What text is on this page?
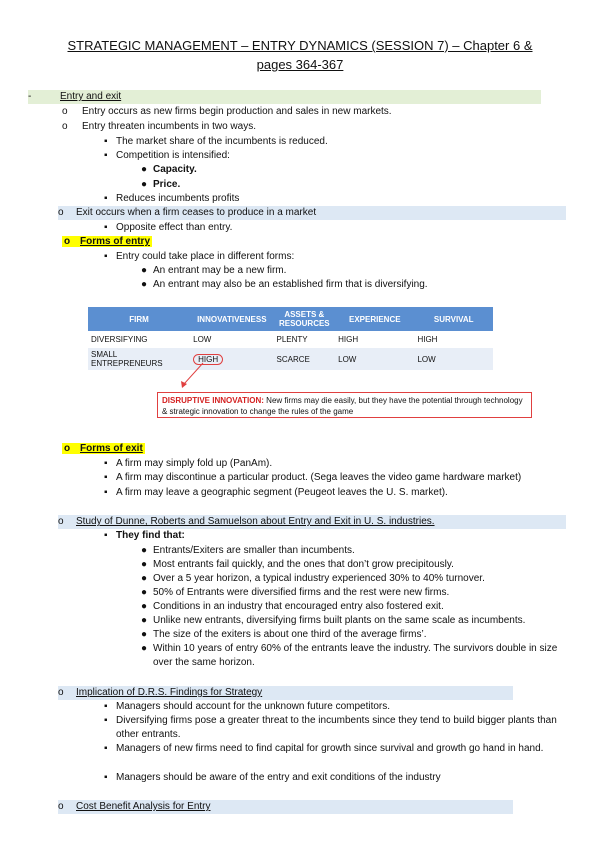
STRATEGIC MANAGEMENT – ENTRY DYNAMICS (SESSION 7) – Chapter 6 &
pages 364-367
-	Entry and exit
o Entry occurs as new firms begin production and sales in new markets.
o Entry threaten incumbents in two ways.
▪ The market share of the incumbents is reduced.
▪ Competition is intensified:
● Capacity.
● Price.
▪ Reduces incumbents profits
o Exit occurs when a firm ceases to produce in a market
▪ Opposite effect than entry.
o Forms of entry
▪ Entry could take place in different forms:
● An entrant may be a new firm.
● An entrant may also be an established firm that is diversifying.
FIRM	INNOVATIVENESS	ASSETS & RESOURCES	EXPERIENCE	SURVIVAL
DIVERSIFYING	LOW	PLENTY	HIGH	HIGH
SMALL ENTREPRENEURS	HIGH	SCARCE	LOW	LOW
DISRUPTIVE INNOVATION: New firms may die easily, but they have the potential through technology & strategic innovation to change the rules of the game
o Forms of exit
▪ A firm may simply fold up (PanAm).
▪ A firm may discontinue a particular product. (Sega leaves the video game hardware market)
▪ A firm may leave a geographic segment (Peugeot leaves the U. S. market).
o Study of Dunne, Roberts and Samuelson about Entry and Exit in U. S. industries.
▪ They find that:
● Entrants/Exiters are smaller than incumbents.
● Most entrants fail quickly, and the ones that don’t grow precipitously.
● Over a 5 year horizon, a typical industry experienced 30% to 40% turnover.
● 50% of Entrants were diversified firms and the rest were new firms.
● Conditions in an industry that encouraged entry also fostered exit.
● Unlike new entrants, diversifying firms built plants on the same scale as incumbents.
● The size of the exiters is about one third of the average firms’.
● Within 10 years of entry 60% of the entrants leave the industry. The survivors double in size over the same horizon.
o Implication of D.R.S. Findings for Strategy
▪ Managers should account for the unknown future competitors.
▪ Diversifying firms pose a greater threat to the incumbents since they tend to build bigger plants than other entrants.
▪ Managers of new firms need to find capital for growth since survival and growth go hand in hand.
▪ Managers should be aware of the entry and exit conditions of the industry
o Cost Benefit Analysis for Entry
